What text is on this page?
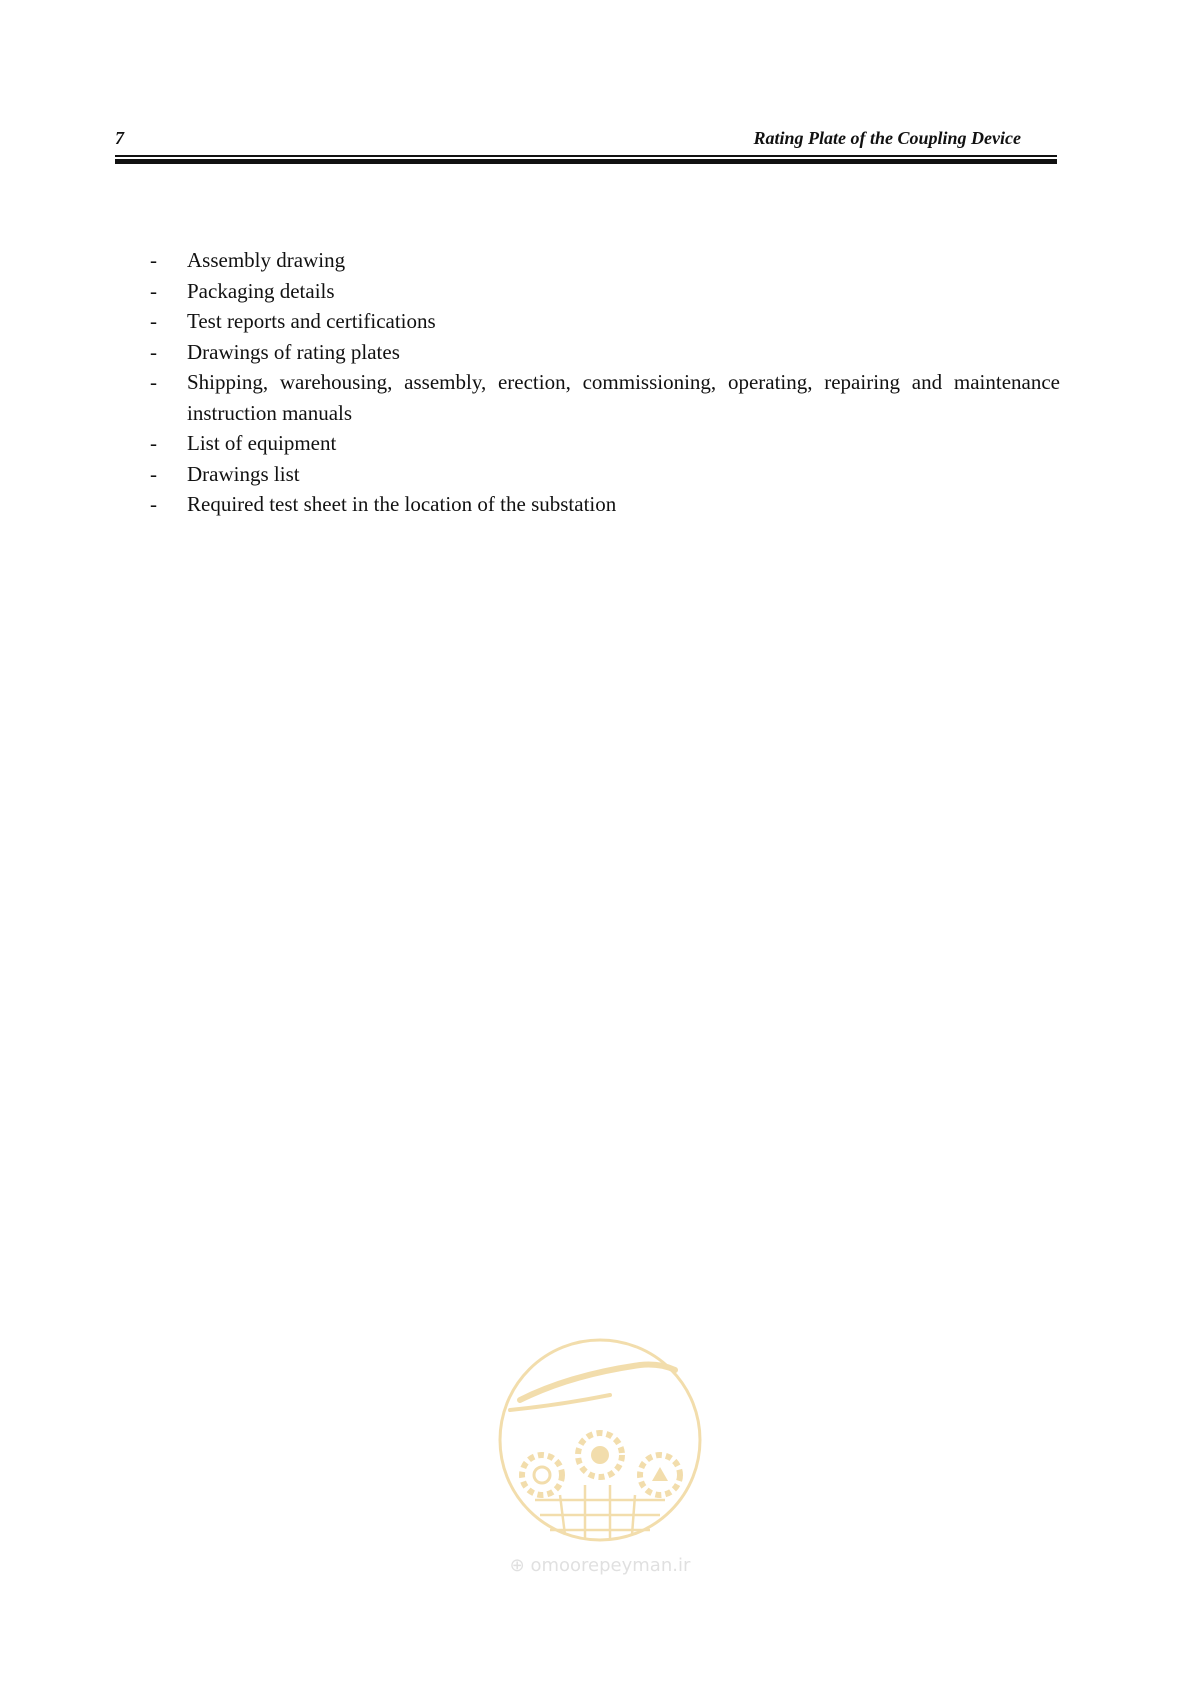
7	Rating Plate of the Coupling Device
-	Assembly drawing
-	Packaging details
-	Test reports and certifications
-	Drawings of rating plates
-	Shipping, warehousing, assembly, erection, commissioning, operating, repairing and maintenance instruction manuals
-	List of equipment
-	Drawings list
-	Required test sheet in the location of the substation
⊕ omoorepeyman.ir
